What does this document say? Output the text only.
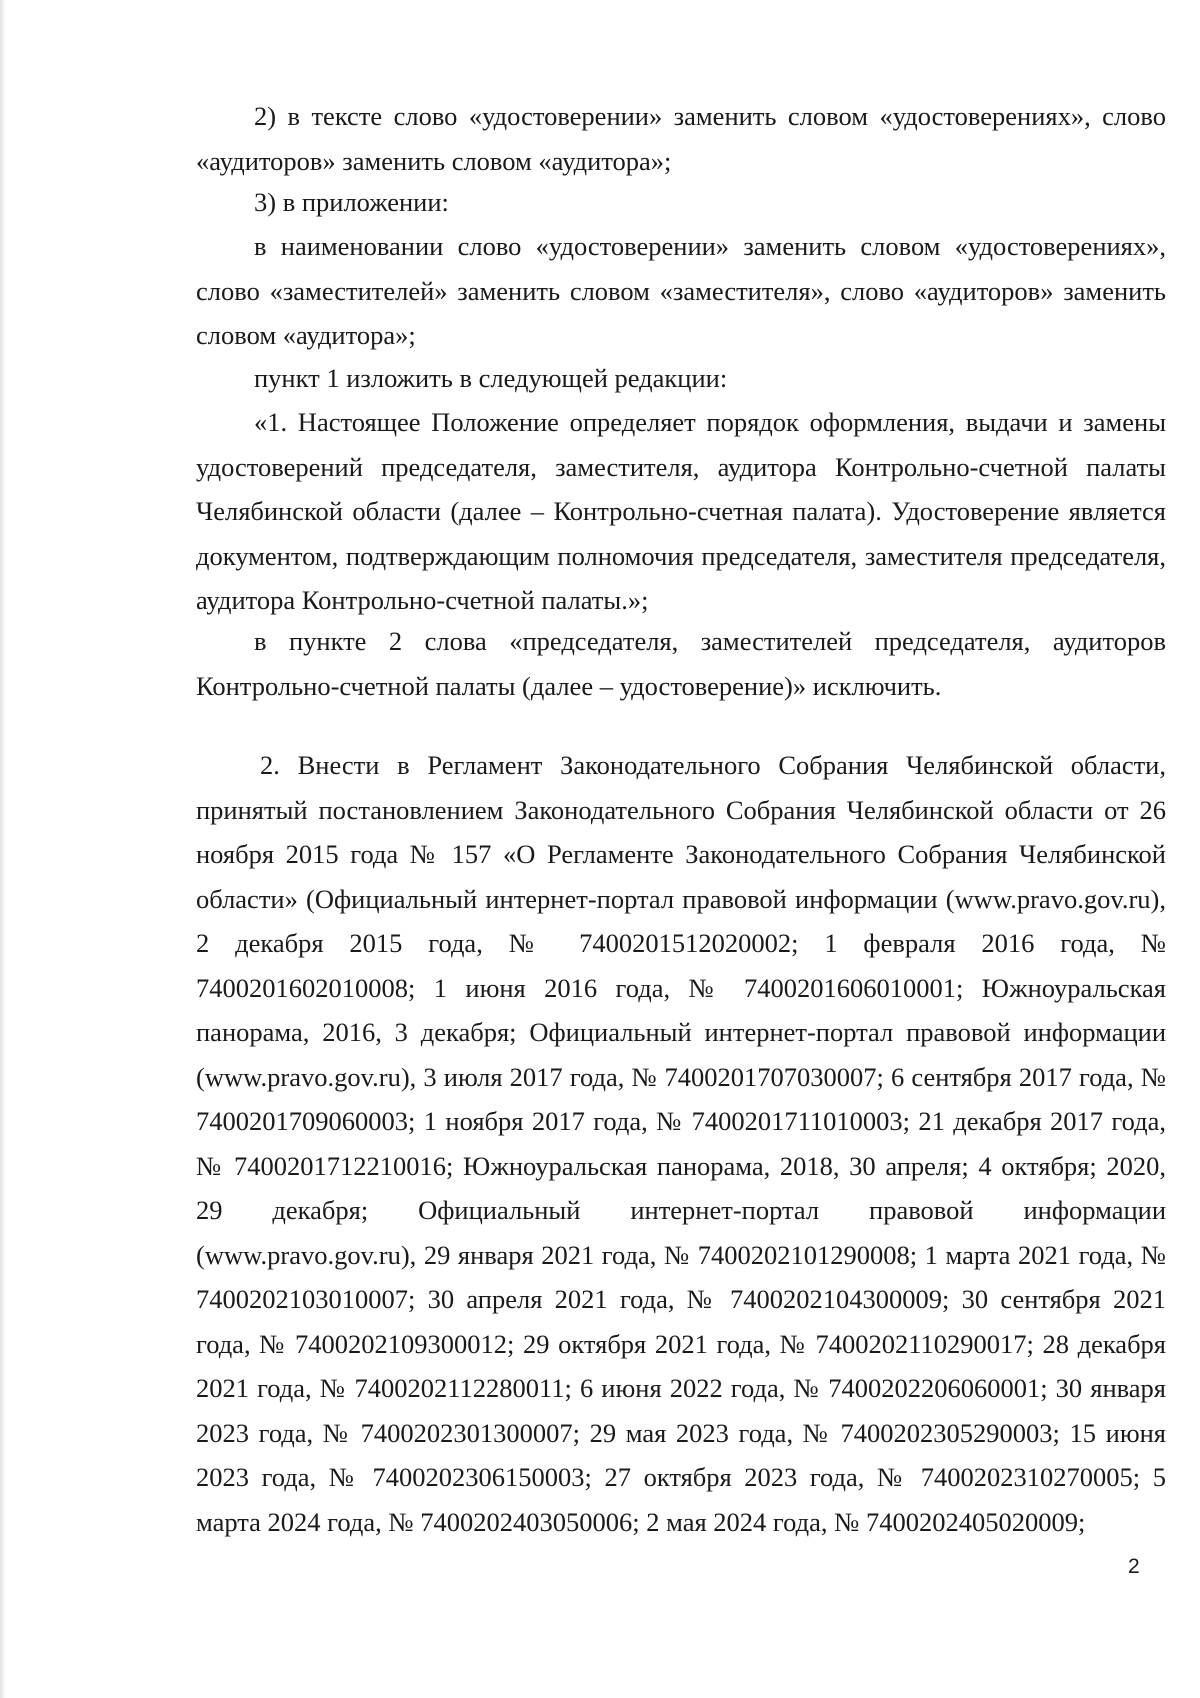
2) в тексте слово «удостоверении» заменить словом «удостоверениях», слово «аудиторов» заменить словом «аудитора»;

3) в приложении:

в наименовании слово «удостоверении» заменить словом «удостоверениях», слово «заместителей» заменить словом «заместителя», слово «аудиторов» заменить словом «аудитора»;

пункт 1 изложить в следующей редакции:

«1. Настоящее Положение определяет порядок оформления, выдачи и замены удостоверений председателя, заместителя, аудитора Контрольно-счетной палаты Челябинской области (далее – Контрольно-счетная палата). Удостоверение является документом, подтверждающим полномочия председателя, заместителя председателя, аудитора Контрольно-счетной палаты.»;

в пункте 2 слова «председателя, заместителей председателя, аудиторов Контрольно-счетной палаты (далее – удостоверение)» исключить.

2. Внести в Регламент Законодательного Собрания Челябинской области, принятый постановлением Законодательного Собрания Челябинской области от 26 ноября 2015 года № 157 «О Регламенте Законодательного Собрания Челябинской области» (Официальный интернет-портал правовой информации (www.pravo.gov.ru), 2 декабря 2015 года, № 7400201512020002; 1 февраля 2016 года, № 7400201602010008; 1 июня 2016 года, № 7400201606010001; Южноуральская панорама, 2016, 3 декабря; Официальный интернет-портал правовой информации (www.pravo.gov.ru), 3 июля 2017 года, № 7400201707030007; 6 сентября 2017 года, № 7400201709060003; 1 ноября 2017 года, № 7400201711010003; 21 декабря 2017 года, № 7400201712210016; Южноуральская панорама, 2018, 30 апреля; 4 октября; 2020, 29 декабря; Официальный интернет-портал правовой информации (www.pravo.gov.ru), 29 января 2021 года, № 7400202101290008; 1 марта 2021 года, № 7400202103010007; 30 апреля 2021 года, № 7400202104300009; 30 сентября 2021 года, № 7400202109300012; 29 октября 2021 года, № 7400202110290017; 28 декабря 2021 года, № 7400202112280011; 6 июня 2022 года, № 7400202206060001; 30 января 2023 года, № 7400202301300007; 29 мая 2023 года, № 7400202305290003; 15 июня 2023 года, № 7400202306150003; 27 октября 2023 года, № 7400202310270005; 5 марта 2024 года, № 7400202403050006; 2 мая 2024 года, № 7400202405020009;

2
